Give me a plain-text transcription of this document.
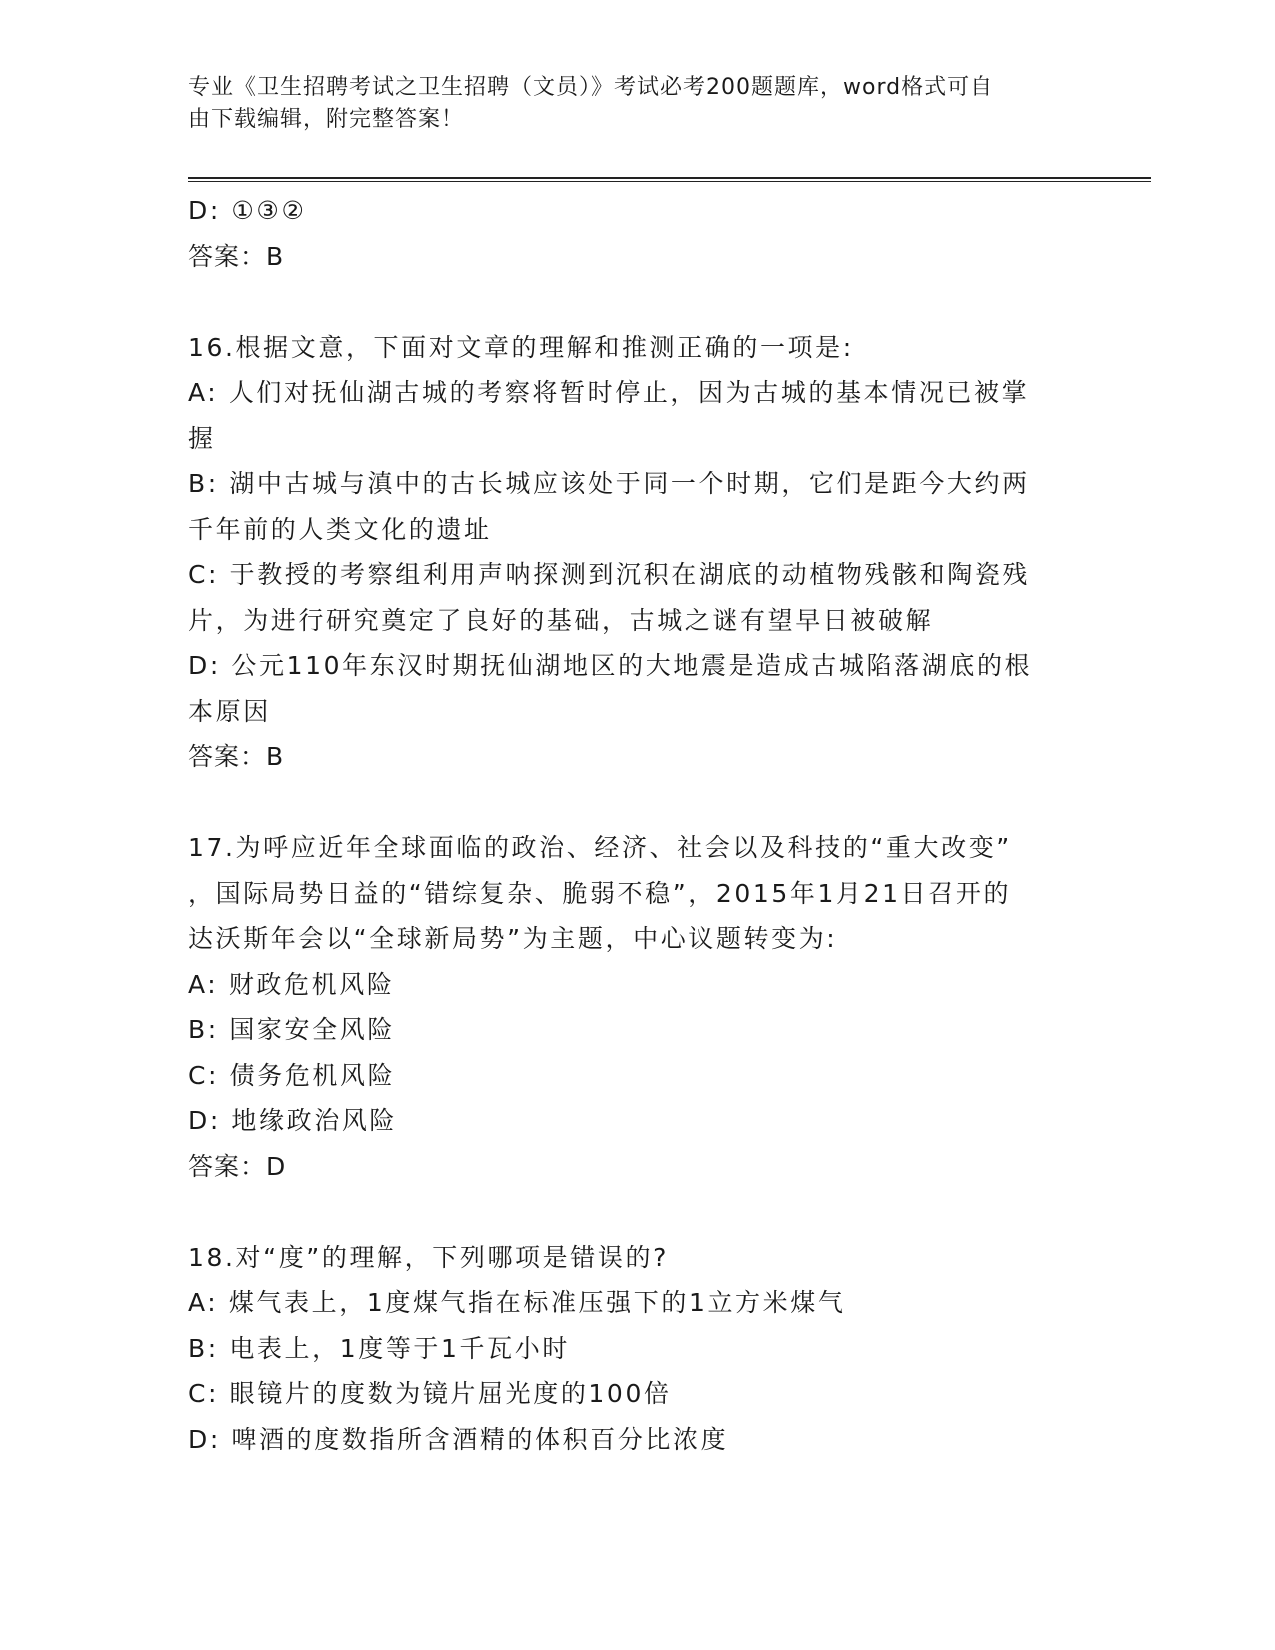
专业《卫生招聘考试之卫生招聘（文员）》考试必考200题题库，word格式可自
由下载编辑，附完整答案！
D: ①③②
答案：B
16.根据文意，下面对文章的理解和推测正确的一项是:
A: 人们对抚仙湖古城的考察将暂时停止，因为古城的基本情况已被掌
握
B: 湖中古城与滇中的古长城应该处于同一个时期，它们是距今大约两
千年前的人类文化的遗址
C: 于教授的考察组利用声呐探测到沉积在湖底的动植物残骸和陶瓷残
片，为进行研究奠定了良好的基础，古城之谜有望早日被破解
D: 公元110年东汉时期抚仙湖地区的大地震是造成古城陷落湖底的根
本原因
答案：B
17.为呼应近年全球面临的政治、经济、社会以及科技的“重大改变”
，国际局势日益的“错综复杂、脆弱不稳”，2015年1月21日召开的
达沃斯年会以“全球新局势”为主题，中心议题转变为:
A: 财政危机风险
B: 国家安全风险
C: 债务危机风险
D: 地缘政治风险
答案：D
18.对“度”的理解，下列哪项是错误的?
A: 煤气表上，1度煤气指在标准压强下的1立方米煤气
B: 电表上，1度等于1千瓦小时
C: 眼镜片的度数为镜片屈光度的100倍
D: 啤酒的度数指所含酒精的体积百分比浓度
